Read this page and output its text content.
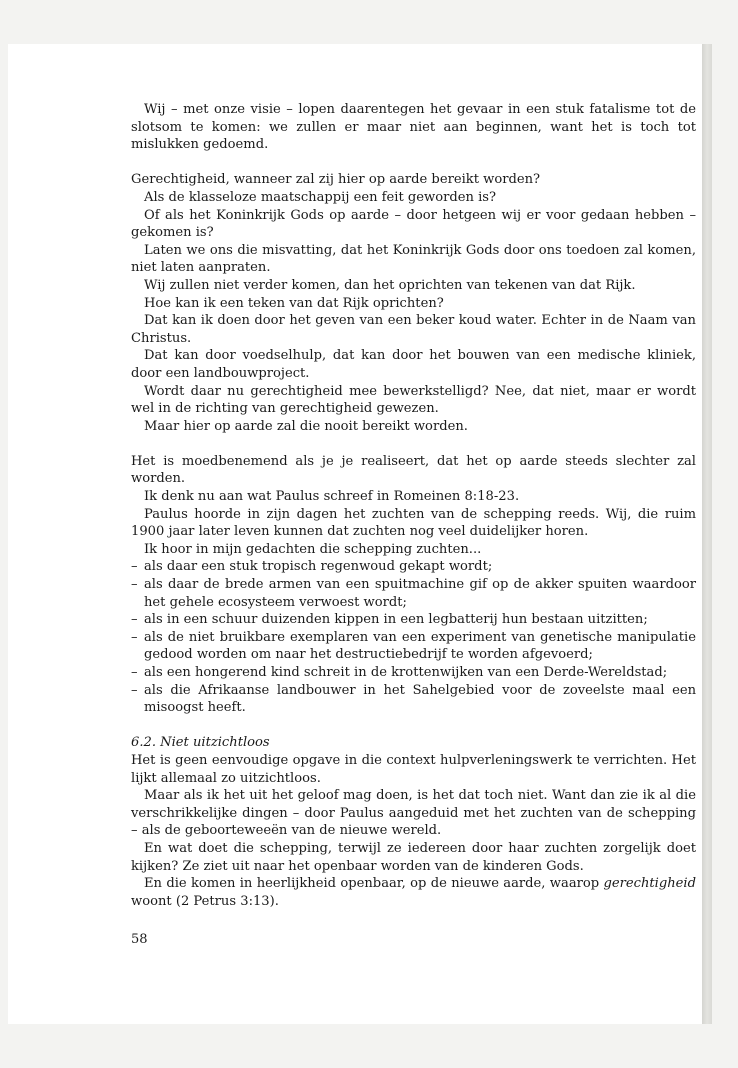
Wij – met onze visie – lopen daarentegen het gevaar in een stuk fatalisme tot de slotsom te komen: we zullen er maar niet aan beginnen, want het is toch tot mislukken gedoemd.

Gerechtigheid, wanneer zal zij hier op aarde bereikt worden?

Als de klasseloze maatschappij een feit geworden is?

Of als het Koninkrijk Gods op aarde – door hetgeen wij er voor gedaan hebben – gekomen is?

Laten we ons die misvatting, dat het Koninkrijk Gods door ons toedoen zal komen, niet laten aanpraten.

Wij zullen niet verder komen, dan het oprichten van tekenen van dat Rijk.

Hoe kan ik een teken van dat Rijk oprichten?

Dat kan ik doen door het geven van een beker koud water. Echter in de Naam van Christus.

Dat kan door voedselhulp, dat kan door het bouwen van een medische kliniek, door een landbouwproject.

Wordt daar nu gerechtigheid mee bewerkstelligd? Nee, dat niet, maar er wordt wel in de richting van gerechtigheid gewezen.

Maar hier op aarde zal die nooit bereikt worden.

Het is moedbenemend als je je realiseert, dat het op aarde steeds slechter zal worden.

Ik denk nu aan wat Paulus schreef in Romeinen 8:18-23.

Paulus hoorde in zijn dagen het zuchten van de schepping reeds. Wij, die ruim 1900 jaar later leven kunnen dat zuchten nog veel duidelijker horen.

Ik hoor in mijn gedachten die schepping zuchten...

– als daar een stuk tropisch regenwoud gekapt wordt;
– als daar de brede armen van een spuitmachine gif op de akker spuiten waardoor het gehele ecosysteem verwoest wordt;
– als in een schuur duizenden kippen in een legbatterij hun bestaan uitzitten;
– als de niet bruikbare exemplaren van een experiment van genetische manipulatie gedood worden om naar het destructiebedrijf te worden afgevoerd;
– als een hongerend kind schreit in de krottenwijken van een Derde-Wereldstad;
– als die Afrikaanse landbouwer in het Sahelgebied voor de zoveelste maal een misoogst heeft.

6.2. Niet uitzichtloos

Het is geen eenvoudige opgave in die context hulpverleningswerk te verrichten. Het lijkt allemaal zo uitzichtloos.

Maar als ik het uit het geloof mag doen, is het dat toch niet. Want dan zie ik al die verschrikkelijke dingen – door Paulus aangeduid met het zuchten van de schepping – als de geboorteweeën van de nieuwe wereld.

En wat doet die schepping, terwijl ze iedereen door haar zuchten zorgelijk doet kijken? Ze ziet uit naar het openbaar worden van de kinderen Gods.

En die komen in heerlijkheid openbaar, op de nieuwe aarde, waarop gerechtigheid woont (2 Petrus 3:13).

58
